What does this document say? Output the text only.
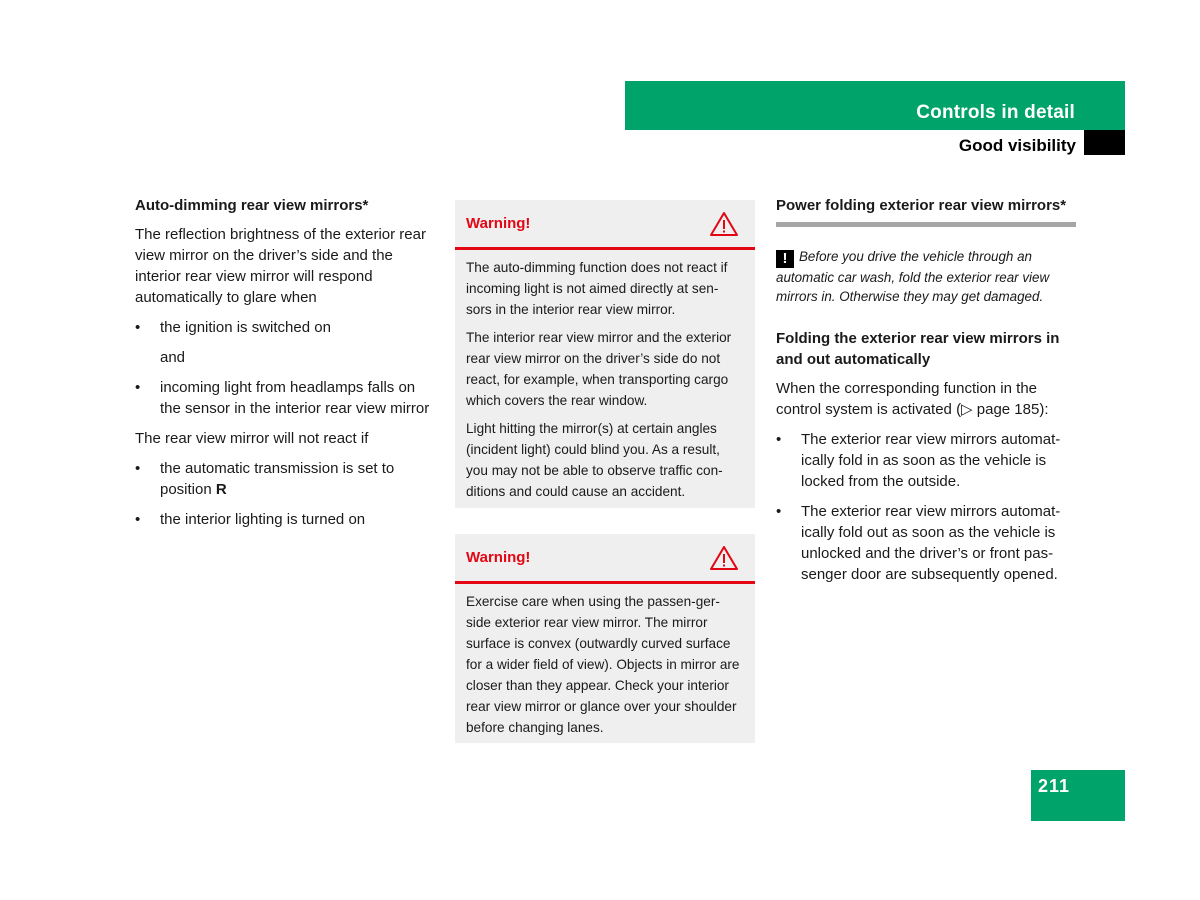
Controls in detail
Good visibility
Auto-dimming rear view mirrors*

The reflection brightness of the exterior rear view mirror on the driver’s side and the interior rear view mirror will respond automatically to glare when

• the ignition is switched on

and

• incoming light from headlamps falls on the sensor in the interior rear view mirror

The rear view mirror will not react if

• the automatic transmission is set to position R
• the interior lighting is turned on
Warning!

The auto-dimming function does not react if incoming light is not aimed directly at sen-sors in the interior rear view mirror.

The interior rear view mirror and the exterior rear view mirror on the driver’s side do not react, for example, when transporting cargo which covers the rear window.

Light hitting the mirror(s) at certain angles (incident light) could blind you. As a result, you may not be able to observe traffic con-ditions and could cause an accident.

Warning!

Exercise care when using the passen-ger-side exterior rear view mirror. The mirror surface is convex (outwardly curved surface for a wider field of view). Objects in mirror are closer than they appear. Check your interior rear view mirror or glance over your shoulder before changing lanes.

Power folding exterior rear view mirrors*
! Before you drive the vehicle through an automatic car wash, fold the exterior rear view mirrors in. Otherwise they may get damaged.
Folding the exterior rear view mirrors in and out automatically

When the corresponding function in the control system is activated (▷ page 185):

• The exterior rear view mirrors automat-ically fold in as soon as the vehicle is locked from the outside.
• The exterior rear view mirrors automat-ically fold out as soon as the vehicle is unlocked and the driver’s or front pas-senger door are subsequently opened.
211
